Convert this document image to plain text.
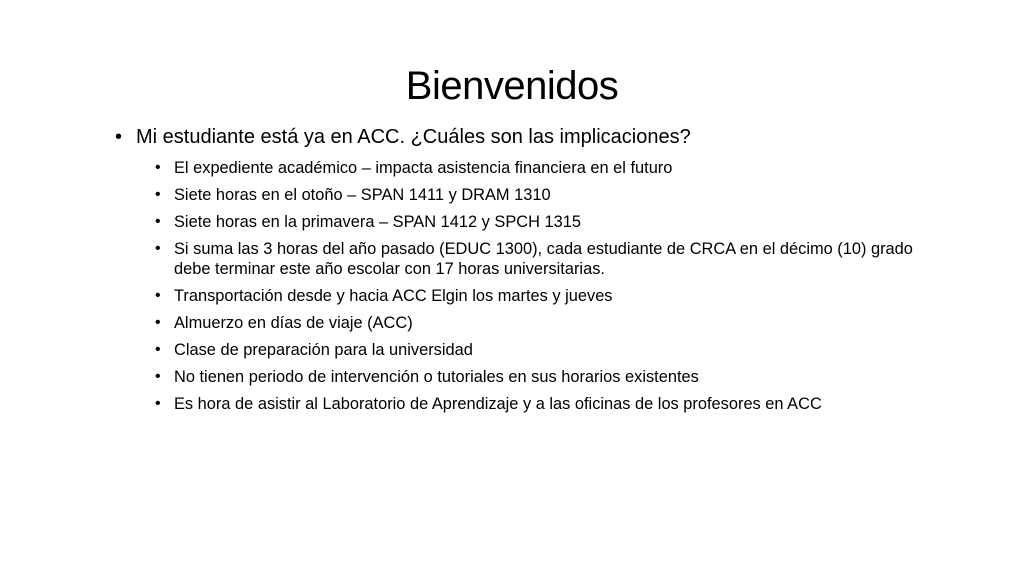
Bienvenidos
• Mi estudiante está ya en ACC. ¿Cuáles son las implicaciones?
• El expediente académico – impacta asistencia financiera en el futuro
• Siete horas en el otoño – SPAN 1411 y DRAM 1310
• Siete horas en la primavera – SPAN 1412 y SPCH 1315
• Si suma las 3 horas del año pasado (EDUC 1300), cada estudiante de CRCA en el décimo (10) grado debe terminar este año escolar con 17 horas universitarias.
• Transportación desde y hacia ACC Elgin los martes y jueves
• Almuerzo en días de viaje (ACC)
• Clase de preparación para la universidad
• No tienen periodo de intervención o tutoriales en sus horarios existentes
• Es hora de asistir al Laboratorio de Aprendizaje y a las oficinas de los profesores en ACC
